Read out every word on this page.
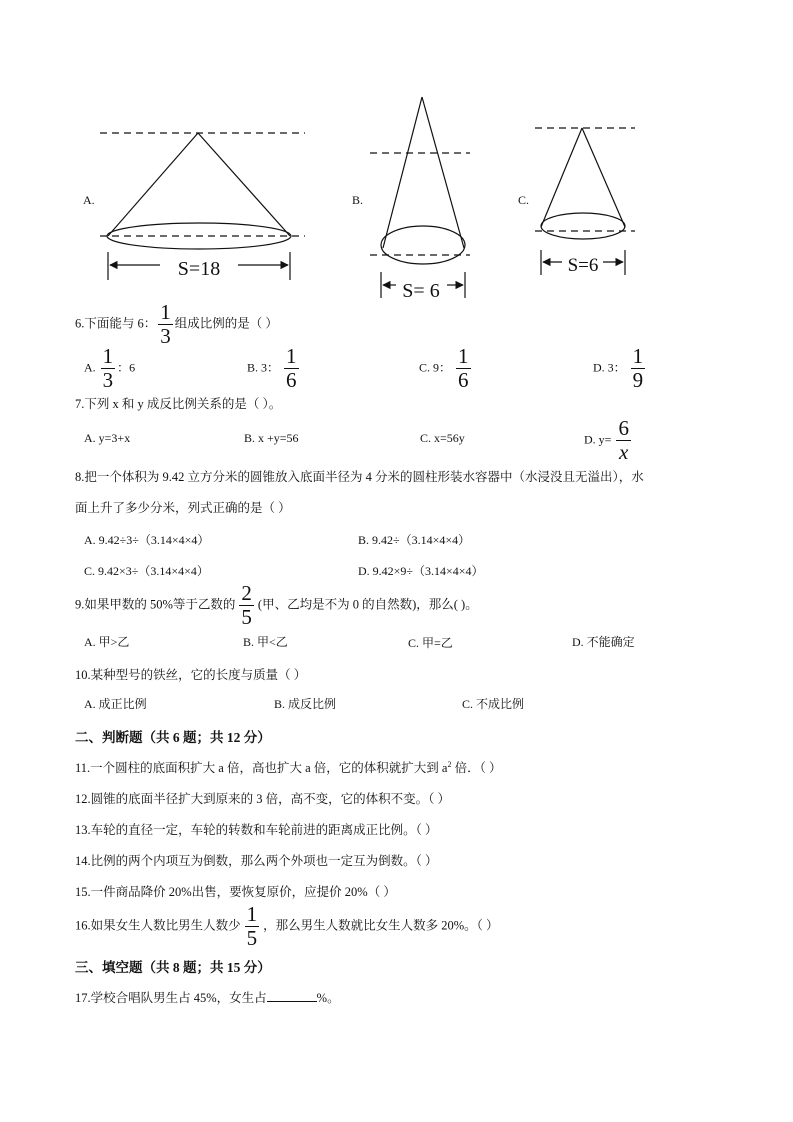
A.
S=18
B.
S= 6
C.
S=6
6.下面能与 6： $\frac{1}{3}$ 组成比例的是（ ）
A. $\frac{1}{3}$ ：6	B. 3： $\frac{1}{6}$	C. 9： $\frac{1}{6}$	D. 3： $\frac{1}{9}$
7.下列 x 和 y 成反比例关系的是（ ）。
A. y=3+x	B. x +y=56	C. x=56y	D. $y= \frac{6}{x}$
8.把一个体积为 9.42 立方分米的圆锥放入底面半径为 4 分米的圆柱形装水容器中（水浸没且无溢出），水
面上升了多少分米，列式正确的是（ ）
A. 9.42÷3÷（3.14×4×4）	B. 9.42÷（3.14×4×4）
C. 9.42×3÷（3.14×4×4）	D. 9.42×9÷（3.14×4×4）
9.如果甲数的 50%等于乙数的 $\frac{2}{5}$ (甲、乙均是不为 0 的自然数)，那么( )。
A. 甲>乙	B. 甲<乙	C. 甲=乙	D. 不能确定
10.某种型号的铁丝，它的长度与质量（ ）
A. 成正比例	B. 成反比例	C. 不成比例
二、判断题（共 6 题；共 12 分）
11.一个圆柱的底面积扩大 a 倍，高也扩大 a 倍，它的体积就扩大到 $a^2$ 倍．（ ）
12.圆锥的底面半径扩大到原来的 3 倍，高不变，它的体积不变。（ ）
13.车轮的直径一定，车轮的转数和车轮前进的距离成正比例。（ ）
14.比例的两个内项互为倒数，那么两个外项也一定互为倒数。（ ）
15.一件商品降价 20%出售，要恢复原价，应提价 20%（ ）
16.如果女生人数比男生人数少 $\frac{1}{5}$ ，那么男生人数就比女生人数多 20%。（ ）
三、填空题（共 8 题；共 15 分）
17.学校合唱队男生占 45%，女生占	%。
